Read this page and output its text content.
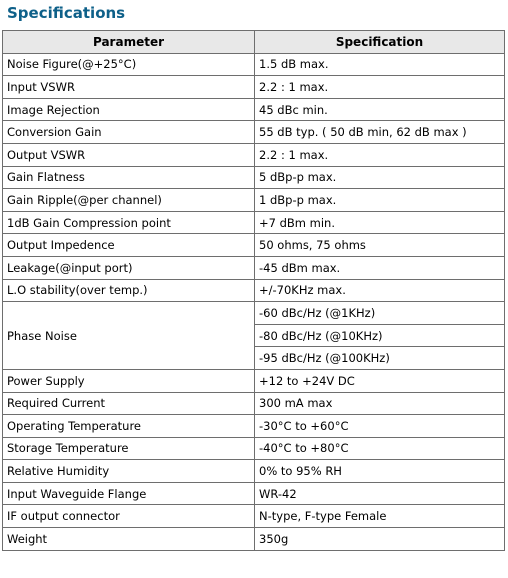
Specifications
Parameter	Specification
Noise Figure(@+25°C)	1.5 dB max.
Input VSWR	2.2 : 1 max.
Image Rejection	45 dBc min.
Conversion Gain	55 dB typ. ( 50 dB min, 62 dB max )
Output VSWR	2.2 : 1 max.
Gain Flatness	5 dBp-p max.
Gain Ripple(@per channel)	1 dBp-p max.
1dB Gain Compression point	+7 dBm min.
Output Impedence	50 ohms, 75 ohms
Leakage(@input port)	-45 dBm max.
L.O stability(over temp.)	+/-70KHz max.
Phase Noise	-60 dBc/Hz (@1KHz)
	-80 dBc/Hz (@10KHz)
	-95 dBc/Hz (@100KHz)
Power Supply	+12 to +24V DC
Required Current	300 mA max
Operating Temperature	-30°C to +60°C
Storage Temperature	-40°C to +80°C
Relative Humidity	0% to 95% RH
Input Waveguide Flange	WR-42
IF output connector	N-type, F-type Female
Weight	350g
